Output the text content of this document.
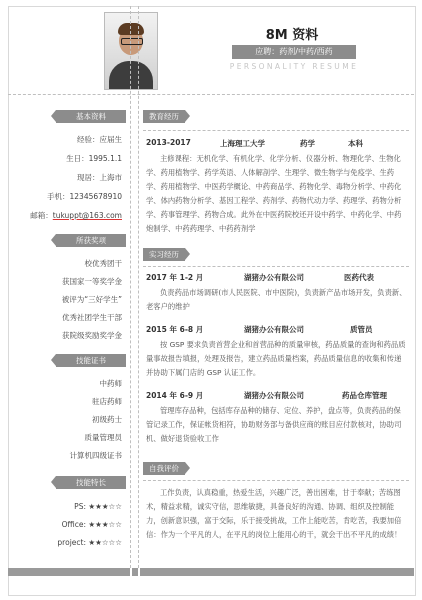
8M 资料
应聘：药剂/中药/西药
PERSONALITY RESUME
基本资料
经验：应届生
生日：1995.1.1
现居：上海市
手机：12345678910
邮箱：tukuppt@163.com
所获奖项
校优秀团干
获国家一等奖学金
被评为“三好学生”
优秀社团学生干部
获院级奖励奖学金
技能证书
中药师
驻店药师
初级药士
质量管理员
计算机四级证书
技能特长
PS: ★★★☆☆
Office: ★★★☆☆
project: ★★☆☆☆
教育经历
2013-2017	上海理工大学	药学	本科
主修课程：无机化学、有机化学、化学分析、仪器分析、物理化学、生物化学、药用植物学、药学英语、人体解剖学、生理学、微生物学与免疫学、生药学、药用植物学、中医药学概论、中药商品学、药物化学、毒物分析学、中药化学、体内药物分析学、基因工程学、药剂学、药物代动力学、药理学、药物分析学、药事管理学、药物合成。此外在中医药院校还开设中药学、中药化学、中药炮制学、中药药理学、中药药剂学
实习经历
2017 年 1-2 月	湖猪办公有限公司	医药代表
负责药品市场调研(市人民医院、市中医院)，负责新产品市场开发，负责新、老客户的维护
2015 年 6-8 月	湖猪办公有限公司	质管员
按 GSP 要求负责首营企业和首营品种的质量审核，药品质量的查询和药品质量事故报告填报，处理及报告，建立药品质量档案，药品质量信息的收集和传递并协助下属门店的 GSP 认证工作。
2014 年 6-9 月	湖猪办公有限公司	药品仓库管理
管理库存品种，包括库存品种的储存、定位、养护，盘点等，负责药品的保管记录工作，保证帐货相符，协助财务部与备供应商的账目应付款核对，协助司机、做好退货验收工作
自我评价
工作负责，认真稳重，热爱生活，兴趣广泛，善出困难，甘于奉献；苦练图术，精益求精，诚实守信，思维敏捷，具备良好的沟通、协调、组织及控制能力，创新意识强，富于交际，乐于接受挑战，工作上能吃苦，肯吃苦，我要加倍信：作为一个平凡的人，在平凡的岗位上能用心的干，就会干出不平凡的成绩！
